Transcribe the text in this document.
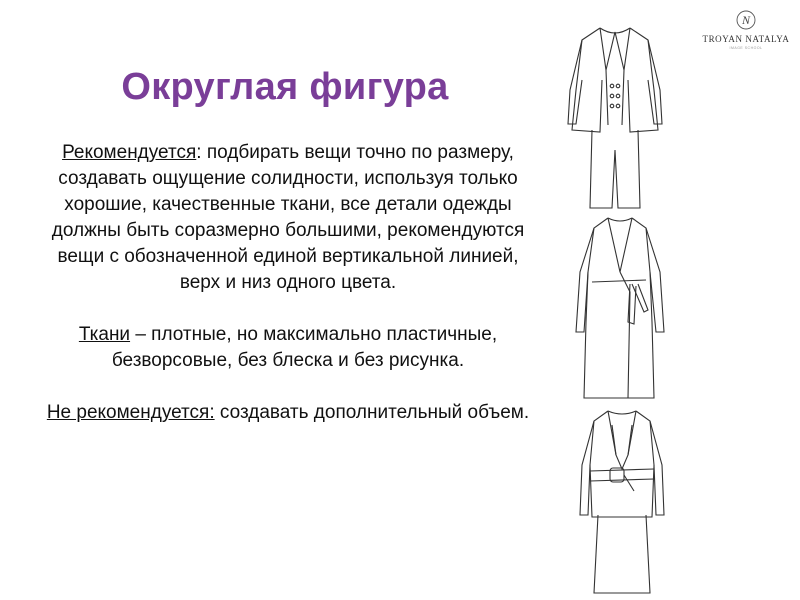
Округлая фигура

Рекомендуется: подбирать вещи точно по размеру, создавать ощущение солидности, используя только хорошие, качественные ткани, все детали одежды должны быть соразмерно большими, рекомендуются вещи с обозначенной единой вертикальной линией, верх и низ одного цвета.

Ткани – плотные, но максимально пластичные, безворсовые, без блеска и без рисунка.

Не рекомендуется: создавать дополнительный объем.

N
TROYAN NATALYA
IMAGE SCHOOL
